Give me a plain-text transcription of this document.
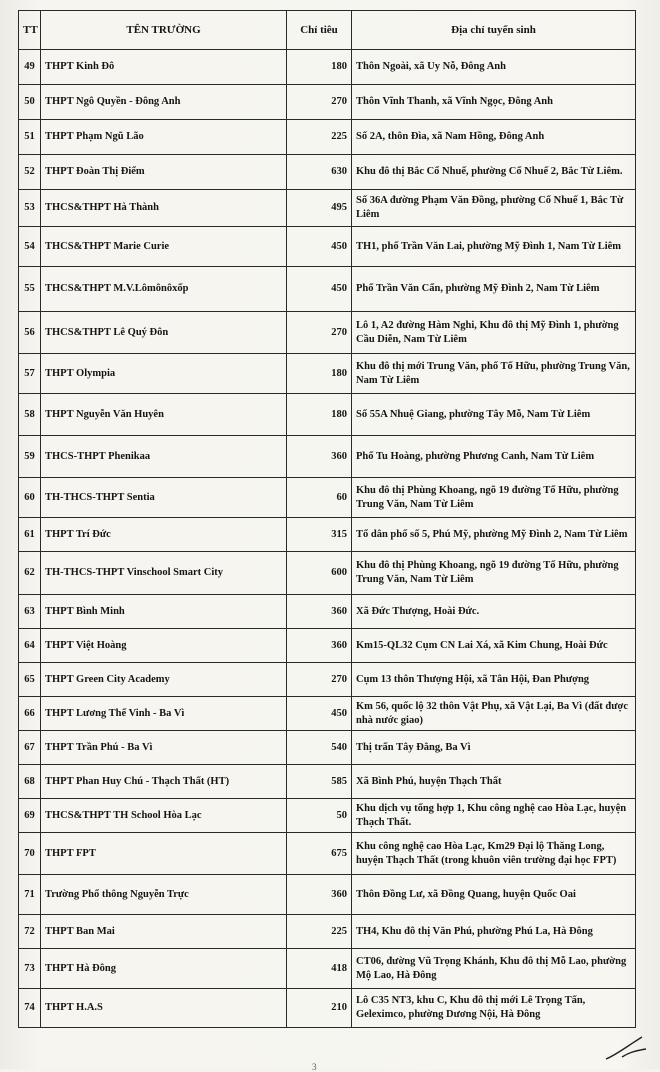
TT	TÊN TRƯỜNG	Chỉ tiêu	Địa chỉ tuyển sinh
49	THPT Kinh Đô	180	Thôn Ngoài, xã Uy Nỗ, Đông Anh
50	THPT Ngô Quyền - Đông Anh	270	Thôn Vĩnh Thanh, xã Vĩnh Ngọc, Đông Anh
51	THPT Phạm Ngũ Lão	225	Số 2A, thôn Đìa, xã Nam Hồng, Đông Anh
52	THPT Đoàn Thị Điểm	630	Khu đô thị Bắc Cổ Nhuế, phường Cổ Nhuế 2, Bắc Từ Liêm.
53	THCS&THPT Hà Thành	495	Số 36A đường Phạm Văn Đồng, phường Cổ Nhuế 1, Bắc Từ Liêm
54	THCS&THPT Marie Curie	450	TH1, phố Trần Văn Lai, phường Mỹ Đình 1, Nam Từ Liêm
55	THCS&THPT M.V.Lômônôxốp	450	Phố Trần Văn Cẩn, phường Mỹ Đình 2, Nam Từ Liêm
56	THCS&THPT Lê Quý Đôn	270	Lô 1, A2 đường Hàm Nghi, Khu đô thị Mỹ Đình 1, phường Cầu Diễn, Nam Từ Liêm
57	THPT Olympia	180	Khu đô thị mới Trung Văn, phố Tố Hữu, phường Trung Văn, Nam Từ Liêm
58	THPT Nguyễn Văn Huyên	180	Số 55A Nhuệ Giang, phường Tây Mỗ, Nam Từ Liêm
59	THCS-THPT Phenikaa	360	Phố Tu Hoàng, phường Phương Canh, Nam Từ Liêm
60	TH-THCS-THPT Sentia	60	Khu đô thị Phùng Khoang, ngõ 19 đường Tố Hữu, phường Trung Văn, Nam Từ Liêm
61	THPT Trí Đức	315	Tổ dân phố số 5, Phú Mỹ, phường Mỹ Đình 2, Nam Từ Liêm
62	TH-THCS-THPT Vinschool Smart City	600	Khu đô thị Phùng Khoang, ngõ 19 đường Tố Hữu, phường Trung Văn, Nam Từ Liêm
63	THPT Bình Minh	360	Xã Đức Thượng, Hoài Đức.
64	THPT Việt Hoàng	360	Km15-QL32 Cụm CN Lai Xá, xã Kim Chung, Hoài Đức
65	THPT Green City Academy	270	Cụm 13 thôn Thượng Hội, xã Tân Hội, Đan Phượng
66	THPT Lương Thế Vinh - Ba Vì	450	Km 56, quốc lộ 32 thôn Vật Phụ, xã Vật Lại, Ba Vì (đất được nhà nước giao)
67	THPT Trần Phú - Ba Vì	540	Thị trấn Tây Đằng, Ba Vì
68	THPT Phan Huy Chú - Thạch Thất (HT)	585	Xã Bình Phú, huyện Thạch Thất
69	THCS&THPT TH School Hòa Lạc	50	Khu dịch vụ tổng hợp 1, Khu công nghệ cao Hòa Lạc, huyện Thạch Thất.
70	THPT FPT	675	Khu công nghệ cao Hòa Lạc, Km29 Đại lộ Thăng Long, huyện Thạch Thất (trong khuôn viên trường đại học FPT)
71	Trường Phổ thông Nguyễn Trực	360	Thôn Đồng Lư, xã Đồng Quang, huyện Quốc Oai
72	THPT Ban Mai	225	TH4, Khu đô thị Văn Phú, phường Phú La, Hà Đông
73	THPT Hà Đông	418	CT06, đường Vũ Trọng Khánh, Khu đô thị Mỗ Lao, phường Mộ Lao, Hà Đông
74	THPT H.A.S	210	Lô C35 NT3, khu C, Khu đô thị mới Lê Trọng Tấn, Geleximco, phường Dương Nội, Hà Đông
3
